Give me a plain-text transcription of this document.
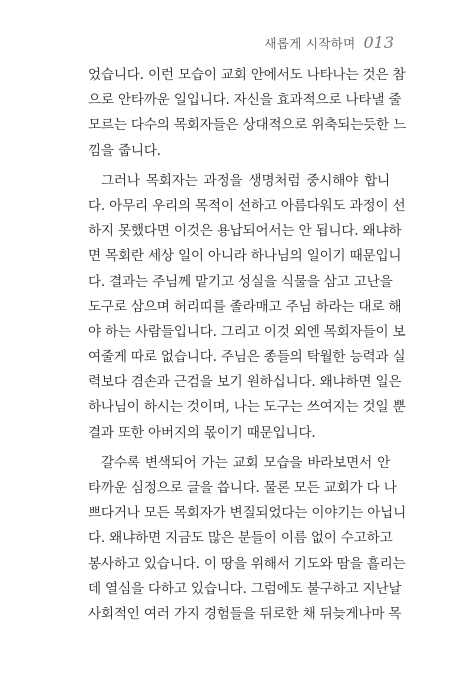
새롭게 시작하며 013
었습니다. 이런 모습이 교회 안에서도 나타나는 것은 참
으로 안타까운 일입니다. 자신을 효과적으로 나타낼 줄
모르는 다수의 목회자들은 상대적으로 위축되는듯한 느
낌을 줍니다.
그러나 목회자는 과정을 생명처럼 중시해야 합니
다. 아무리 우리의 목적이 선하고 아름다워도 과정이 선
하지 못했다면 이것은 용납되어서는 안 됩니다. 왜냐하
면 목회란 세상 일이 아니라 하나님의 일이기 때문입니
다. 결과는 주님께 맡기고 성실을 식물을 삼고 고난을
도구로 삼으며 허리띠를 졸라매고 주님 하라는 대로 해
야 하는 사람들입니다. 그리고 이것 외엔 목회자들이 보
여줄게 따로 없습니다. 주님은 종들의 탁월한 능력과 실
력보다 겸손과 근검을 보기 원하십니다. 왜냐하면 일은
하나님이 하시는 것이며, 나는 도구는 쓰여지는 것일 뿐
결과 또한 아버지의 몫이기 때문입니다.
갈수록 변색되어 가는 교회 모습을 바라보면서 안
타까운 심정으로 글을 씁니다. 물론 모든 교회가 다 나
쁘다거나 모든 목회자가 변질되었다는 이야기는 아닙니
다. 왜냐하면 지금도 많은 분들이 이름 없이 수고하고
봉사하고 있습니다. 이 땅을 위해서 기도와 땀을 흘리는
데 열심을 다하고 있습니다. 그럼에도 불구하고 지난날
사회적인 여러 가지 경험들을 뒤로한 채 뒤늦게나마 목
